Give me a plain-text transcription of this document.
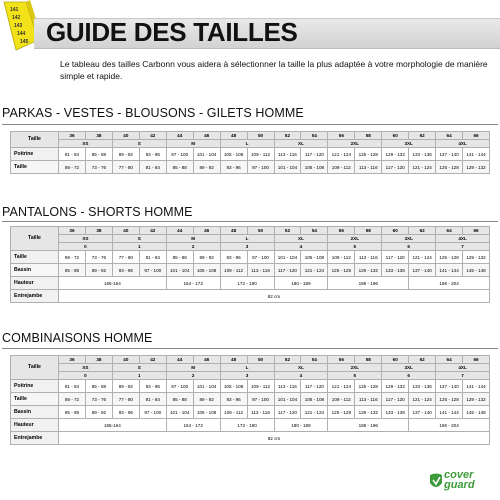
141
142
143
144
145 GUIDE DES TAILLES
Le tableau des tailles Carbonn vous aidera à sélectionner la taille la plus adaptée à votre morphologie de manière simple et rapide.
PARKAS - VESTES - BLOUSONS - GILETS HOMME
Taille	36	38	40	42	44	46	48	50	52	54	56	58	60	62	64	66
	XS		S		M		L		XL		2XL		3XL		4XL	
Poitrine	81 - 84	85 - 88	89 - 92	93 - 96	97 - 100	101 - 104	105 - 108	109 - 112	113 - 116	117 - 120	121 - 124	125 - 128	129 - 132	133 - 136	137 - 140	141 - 144
Taille	69 - 72	73 - 76	77 - 80	81 - 84	85 - 88	89 - 92	93 - 96	97 - 100	101 - 104	105 - 108	109 - 112	113 - 116	117 - 120	121 - 124	125 - 128	129 - 132
PANTALONS - SHORTS HOMME
Taille	36	38	40	42	44	46	48	50	52	54	56	58	60	62	64	66
	XS		S		M		L		XL		2XL		3XL		4XL	
	0		1		2		3		4		5		6		7	
Taille	69 - 72	73 - 76	77 - 80	81 - 84	85 - 88	89 - 92	93 - 96	97 - 100	101 - 104	105 - 108	109 - 112	113 - 116	117 - 120	121 - 124	125 - 128	129 - 132
Bassin	85 - 88	89 - 92	93 - 96	97 - 100	101 - 104	105 - 108	109 - 112	113 - 116	117 - 120	121 - 124	125 - 128	129 - 132	133 - 136	137 - 140	141 - 144	145 - 148
Hauteur	165-164				164 - 172		172 - 180		180 - 189		188 - 196			196 - 204		
Entrejambe	82 cm															
COMBINAISONS HOMME
Taille	36	38	40	42	44	46	48	50	52	54	56	58	60	62	64	66
	XS		S		M		L		XL		2XL		3XL		4XL	
	0		1		2		3		4		5		6		7	
Poitrine	81 - 84	85 - 88	89 - 92	93 - 96	97 - 100	101 - 104	105 - 108	109 - 112	113 - 116	117 - 120	121 - 124	125 - 128	129 - 132	133 - 136	137 - 140	141 - 144
Taille	69 - 72	73 - 76	77 - 80	81 - 84	85 - 88	89 - 92	93 - 96	97 - 100	101 - 104	105 - 108	109 - 112	113 - 116	117 - 120	121 - 124	125 - 128	129 - 132
Bassin	85 - 88	89 - 92	93 - 96	97 - 100	101 - 104	105 - 108	109 - 112	113 - 116	117 - 120	121 - 124	125 - 128	129 - 132	133 - 136	137 - 140	141 - 144	145 - 148
Hauteur	165-164				164 - 172		172 - 180		180 - 188		188 - 196			196 - 204		
Entrejambe	82 cm															
cover
guard
